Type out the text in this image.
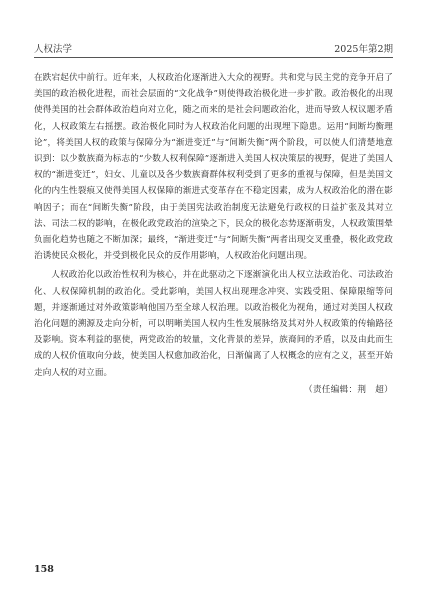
人权法学	2025年第2期

在跌宕起伏中前行。近年来，人权政治化逐渐进入大众的视野。共和党与民主党的竞争开启了美国的政治极化进程，而社会层面的“文化战争”则使得政治极化进一步扩散。政治极化的出现使得美国的社会群体政治趋向对立化，随之而来的是社会问题政治化，进而导致人权议题矛盾化，人权政策左右摇摆。政治极化同时为人权政治化问题的出现埋下隐患。运用“间断均衡理论”，将美国人权的政策与保障分为“渐进变迁”与“间断失衡”两个阶段，可以使人们清楚地意识到：以少数族裔为标志的“少数人权利保障”逐渐进入美国人权决策层的视野，促进了美国人权的“渐进变迁”，妇女、儿童以及各少数族裔群体权利受到了更多的重视与保障，但是美国文化的内生性裂痕又使得美国人权保障的渐进式变革存在不稳定因素，成为人权政治化的潜在影响因子；而在“间断失衡”阶段，由于美国宪法政治制度无法避免行政权的日益扩张及其对立法、司法二权的影响，在极化政党政治的渲染之下，民众的极化态势逐渐萌发，人权政策围晕负面化趋势也随之不断加深；最终，“渐进变迁”与“间断失衡”两者出现交叉重叠，极化政党政治诱使民众极化，并受到极化民众的反作用影响，人权政治化问题出现。

人权政治化以政治性权利为核心，并在此驱动之下逐渐演化出人权立法政治化、司法政治化、人权保障机制的政治化。受此影响，美国人权出现理念冲突、实践受阻、保障限缩等问题，并逐渐通过对外政策影响他国乃至全球人权治理。以政治极化为视角，通过对美国人权政治化问题的溯源及走向分析，可以明晰美国人权内生性发展脉络及其对外人权政策的传输路径及影响。资本利益的驱使，两党政治的较量，文化背景的差异，族裔间的矛盾，以及由此而生成的人权价值取向分歧，使美国人权愈加政治化，日渐偏离了人权概念的应有之义，甚至开始走向人权的对立面。

（责任编辑：荆　超）
158
